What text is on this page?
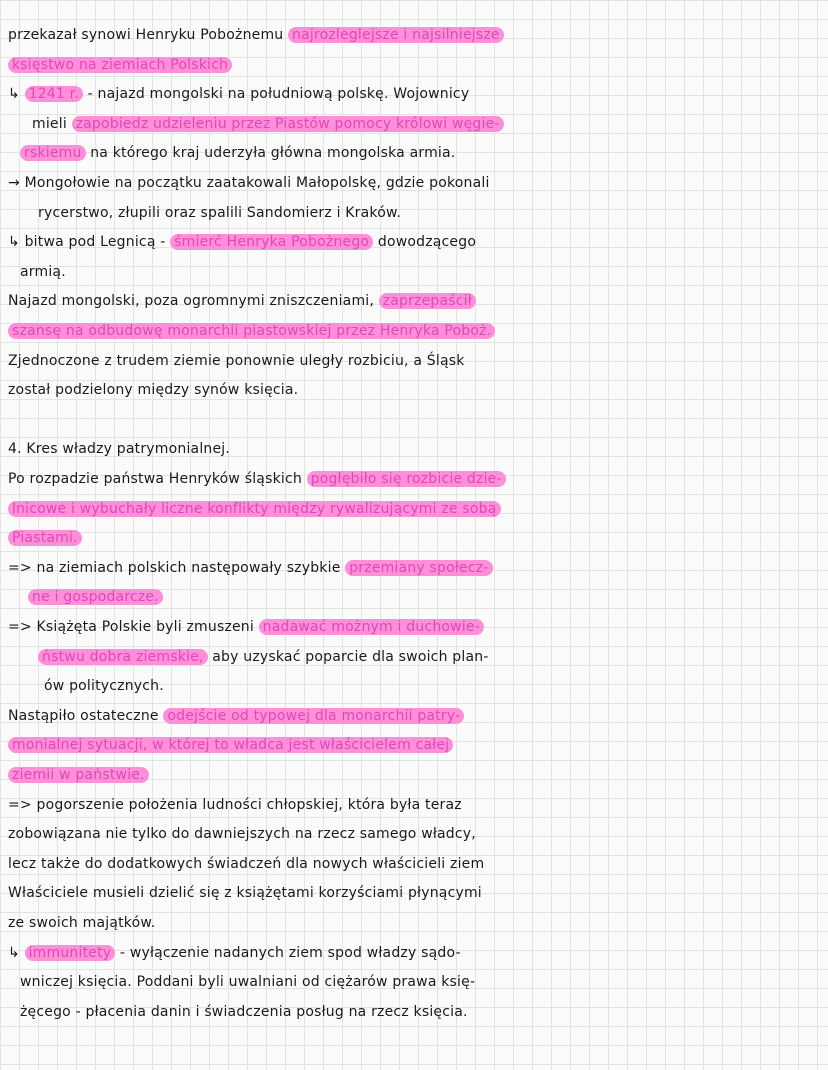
przekazał synowi Henryku Pobożnemu najrozleglejsze i najsilniejsze
księstwo na ziemiach Polskich
↳ 1241 r. - najazd mongolski na południową polskę. Wojownicy
mieli zapobiedz udzieleniu przez Piastów pomocy królowi węgie-
rskiemu na którego kraj uderzyła główna mongolska armia.
→ Mongołowie na początku zaatakowali Małopolskę, gdzie pokonali
rycerstwo, złupili oraz spalili Sandomierz i Kraków.
↳ bitwa pod Legnicą - śmierć Henryka Pobożnego dowodzącego
armią.
Najazd mongolski, poza ogromnymi zniszczeniami, zaprzepaścił
szansę na odbudowę monarchii piastowskiej przez Henryka Poboż.
Zjednoczone z trudem ziemie ponownie uległy rozbiciu, a Śląsk
został podzielony między synów księcia.
4. Kres władzy patrymonialnej.
Po rozpadzie państwa Henryków śląskich pogłębiło się rozbicie dzie-
lnicowe i wybuchały liczne konflikty między rywalizującymi ze sobą
Piastami.
=> na ziemiach polskich następowały szybkie przemiany społecz-
ne i gospodarcze.
=> Książęta Polskie byli zmuszeni nadawać możnym i duchowie-
ństwu dobra ziemskie, aby uzyskać poparcie dla swoich plan-
ów politycznych.
Nastąpiło ostateczne odejście od typowej dla monarchii patry-
monialnej sytuacji, w której to władca jest właścicielem całej
ziemii w państwie.
=> pogorszenie położenia ludności chłopskiej, która była teraz
zobowiązana nie tylko do dawniejszych na rzecz samego władcy,
lecz także do dodatkowych świadczeń dla nowych właścicieli ziem
Właściciele musieli dzielić się z książętami korzyściami płynącymi
ze swoich majątków.
↳ immunitety - wyłączenie nadanych ziem spod władzy sądo-
wniczej księcia. Poddani byli uwalniani od ciężarów prawa księ-
żęcego - płacenia danin i świadczenia posług na rzecz księcia.
